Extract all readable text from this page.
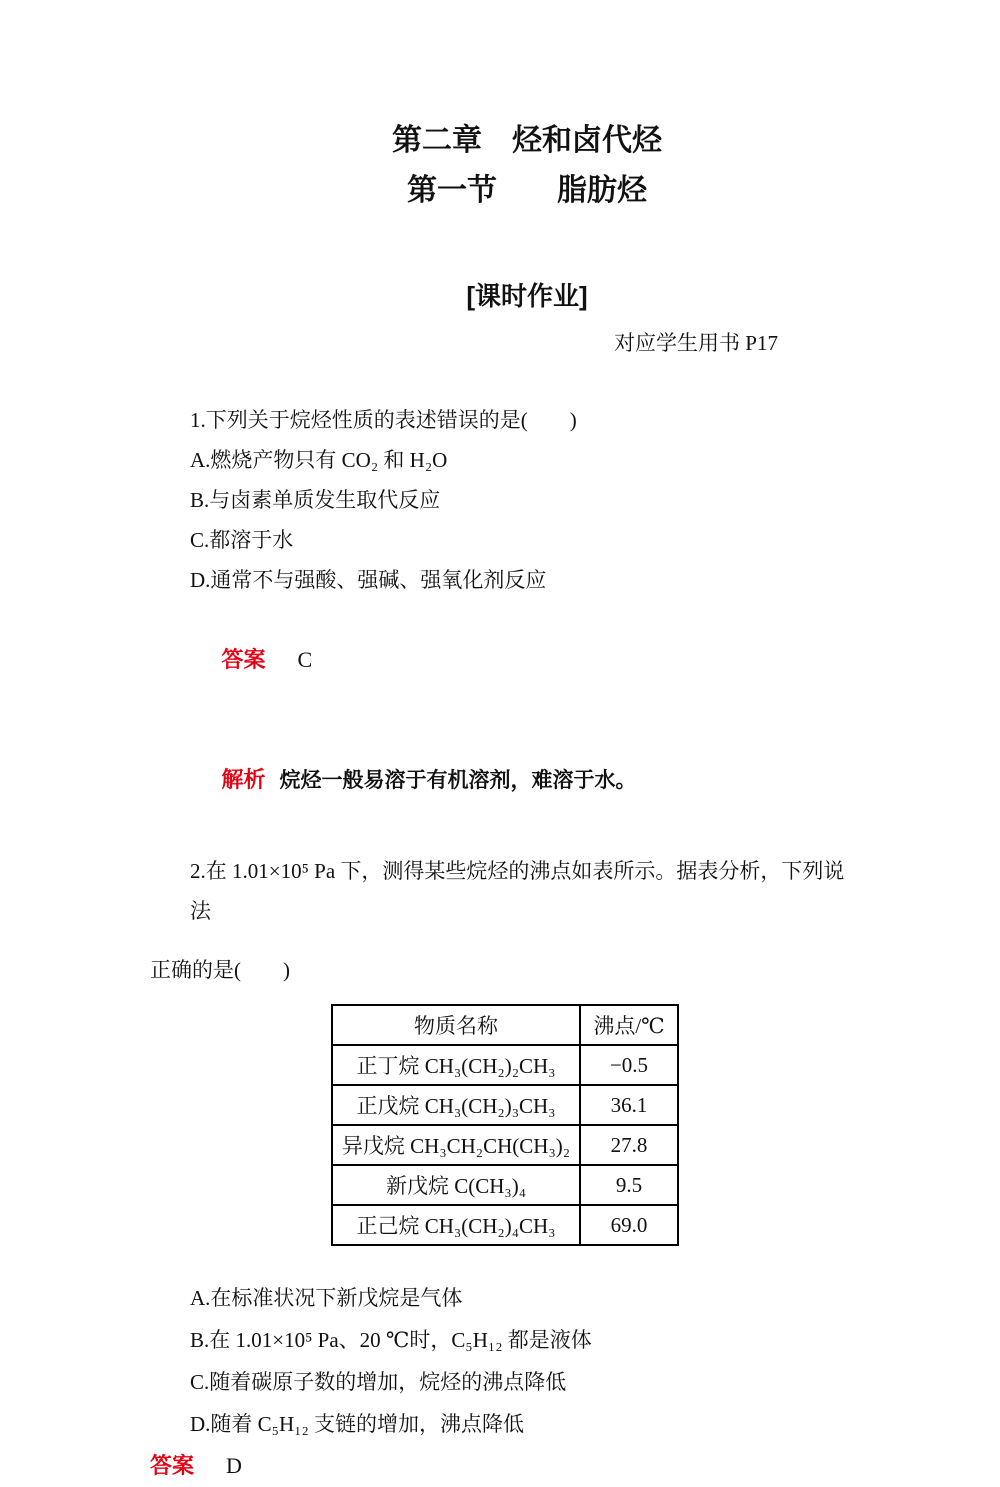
第二章　烃和卤代烃
第一节　　脂肪烃
[课时作业]
对应学生用书 P17

1.下列关于烷烃性质的表述错误的是(　　)

A.燃烧产物只有 CO₂ 和 H₂O

B.与卤素单质发生取代反应

C.都溶于水

D.通常不与强酸、强碱、强氧化剂反应

答案 C

解析 烷烃一般易溶于有机溶剂，难溶于水。

2.在 1.01×10⁵ Pa 下，测得某些烷烃的沸点如表所示。据表分析，下列说法

正确的是(　　)

物质名称	沸点/℃
正丁烷 CH₃(CH₂)₂CH₃	−0.5
正戊烷 CH₃(CH₂)₃CH₃	36.1
异戊烷 CH₃CH₂CH(CH₃)₂	27.8
新戊烷 C(CH₃)₄	9.5
正己烷 CH₃(CH₂)₄CH₃	69.0

A.在标准状况下新戊烷是气体

B.在 1.01×10⁵ Pa、20 ℃时，C₅H₁₂ 都是液体

C.随着碳原子数的增加，烷烃的沸点降低

D.随着 C₅H₁₂ 支链的增加，沸点降低

答案 D
